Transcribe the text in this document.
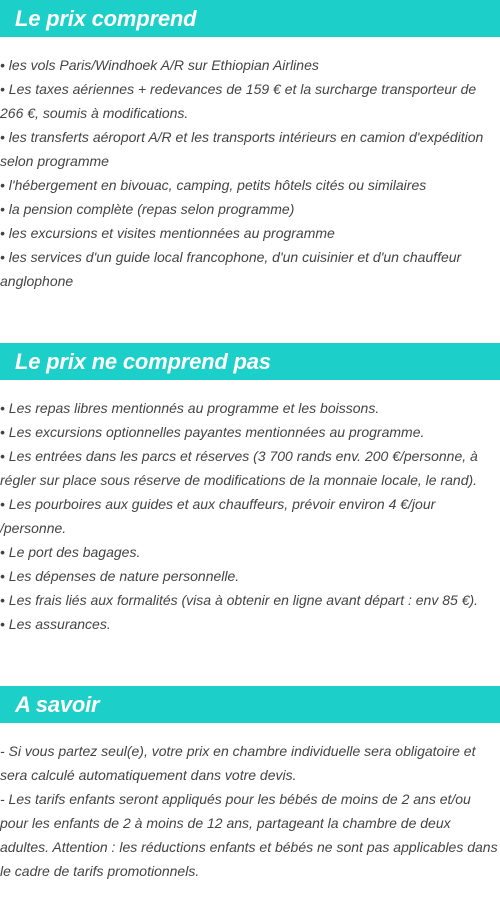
Le prix comprend

• les vols Paris/Windhoek A/R sur Ethiopian Airlines

• Les taxes aériennes + redevances de 159 € et la surcharge transporteur de 266 €, soumis à modifications.

• les transferts aéroport A/R et les transports intérieurs en camion d'expédition selon programme

• l'hébergement en bivouac, camping, petits hôtels cités ou similaires

• la pension complète (repas selon programme)

• les excursions et visites mentionnées au programme

• les services d'un guide local francophone, d'un cuisinier et d'un chauffeur anglophone

Le prix ne comprend pas

• Les repas libres mentionnés au programme et les boissons.

• Les excursions optionnelles payantes mentionnées au programme.

• Les entrées dans les parcs et réserves (3 700 rands env. 200 €/personne, à régler sur place sous réserve de modifications de la monnaie locale, le rand).

• Les pourboires aux guides et aux chauffeurs, prévoir environ 4 €/jour /personne.

• Le port des bagages.

• Les dépenses de nature personnelle.

• Les frais liés aux formalités (visa à obtenir en ligne avant départ : env 85 €).

• Les assurances.

A savoir

- Si vous partez seul(e), votre prix en chambre individuelle sera obligatoire et sera calculé automatiquement dans votre devis.

- Les tarifs enfants seront appliqués pour les bébés de moins de 2 ans et/ou pour les enfants de 2 à moins de 12 ans, partageant la chambre de deux adultes. Attention : les réductions enfants et bébés ne sont pas applicables dans le cadre de tarifs promotionnels.
